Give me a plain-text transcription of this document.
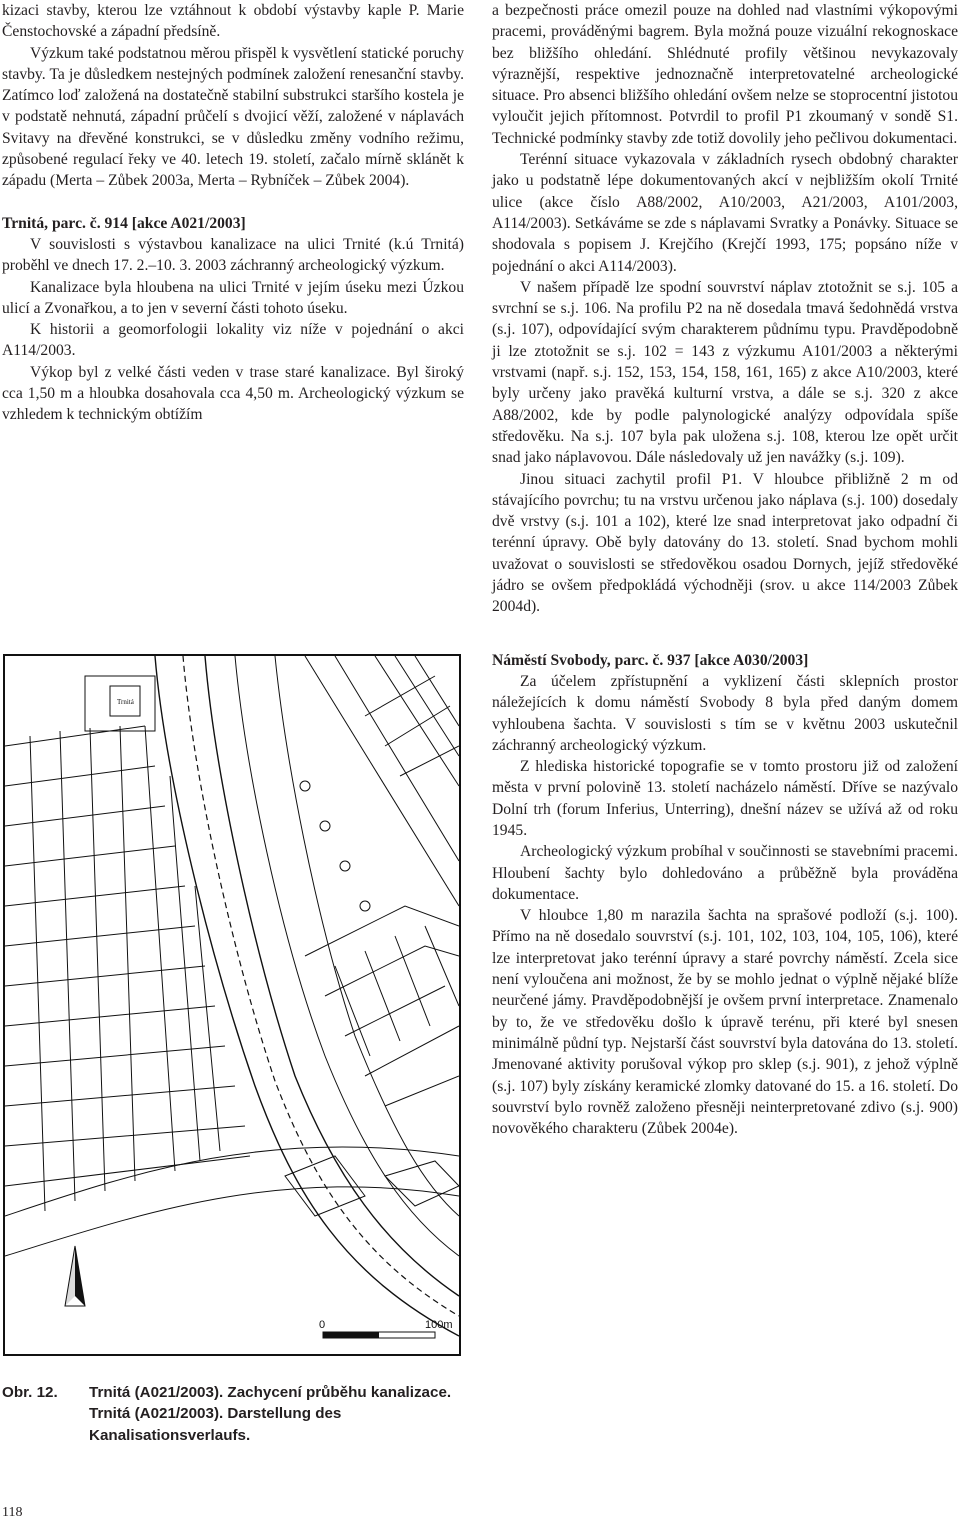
kizaci stavby, kterou lze vztáhnout k období výstavby kaple P. Marie Čenstochovské a západní předsíně.

Výzkum také podstatnou měrou přispěl k vysvětlení statické poruchy stavby. Ta je důsledkem nestejných podmínek založení renesanční stavby. Zatímco loď založená na dostatečně stabilní substrukci staršího kostela je v podstatě nehnutá, západní průčelí s dvojicí věží, založené v náplavách Svitavy na dřevěné konstrukci, se v důsledku změny vodního režimu, způsobené regulací řeky ve 40. letech 19. století, začalo mírně sklánět k západu (Merta – Zůbek 2003a, Merta – Rybníček – Zůbek 2004).

Trnitá, parc. č. 914 [akce A021/2003]

V souvislosti s výstavbou kanalizace na ulici Trnité (k.ú Trnitá) proběhl ve dnech 17. 2.–10. 3. 2003 záchranný archeologický výzkum.

Kanalizace byla hloubena na ulici Trnité v jejím úseku mezi Úzkou ulicí a Zvonařkou, a to jen v severní části tohoto úseku.

K historii a geomorfologii lokality viz níže v pojednání o akci A114/2003.

Výkop byl z velké části veden v trase staré kanalizace. Byl široký cca 1,50 m a hloubka dosahovala cca 4,50 m. Archeologický výzkum se vzhledem k technickým obtížím

0	100m
Trnitá
Obr. 12. Trnitá (A021/2003). Zachycení průběhu kanalizace.
Trnitá (A021/2003). Darstellung des Kanalisationsverlaufs.
118

a bezpečnosti práce omezil pouze na dohled nad vlastními výkopovými pracemi, prováděnými bagrem. Byla možná pouze vizuální rekognoskace bez bližšího ohledání. Shlédnuté profily většinou nevykazovaly výraznější, respektive jednoznačně interpretovatelné archeologické situace. Pro absenci bližšího ohledání ovšem nelze se stoprocentní jistotou vyloučit jejich přítomnost. Potvrdil to profil P1 zkoumaný v sondě S1. Technické podmínky stavby zde totiž dovolily jeho pečlivou dokumentaci.

Terénní situace vykazovala v základních rysech obdobný charakter jako u podstatně lépe dokumentovaných akcí v nejbližším okolí Trnité ulice (akce číslo A88/2002, A10/2003, A21/2003, A101/2003, A114/2003). Setkáváme se zde s náplavami Svratky a Ponávky. Situace se shodovala s popisem J. Krejčího (Krejčí 1993, 175; popsáno níže v pojednání o akci A114/2003).

V našem případě lze spodní souvrství náplav ztotožnit se s.j. 105 a svrchní se s.j. 106. Na profilu P2 na ně dosedala tmavá šedohnědá vrstva (s.j. 107), odpovídající svým charakterem půdnímu typu. Pravděpodobně ji lze ztotožnit se s.j. 102 = 143 z výzkumu A101/2003 a některými vrstvami (např. s.j. 152, 153, 154, 158, 161, 165) z akce A10/2003, které byly určeny jako pravěká kulturní vrstva, a dále se s.j. 320 z akce A88/2002, kde by podle palynologické analýzy odpovídala spíše středověku. Na s.j. 107 byla pak uložena s.j. 108, kterou lze opět určit snad jako náplavovou. Dále následovaly už jen navážky (s.j. 109).

Jinou situaci zachytil profil P1. V hloubce přibližně 2 m od stávajícího povrchu; tu na vrstvu určenou jako náplava (s.j. 100) dosedaly dvě vrstvy (s.j. 101 a 102), které lze snad interpretovat jako odpadní či terénní úpravy. Obě byly datovány do 13. století. Snad bychom mohli uvažovat o souvislosti se středověkou osadou Dornych, jejíž středověké jádro se ovšem předpokládá východněji (srov. u akce 114/2003 Zůbek 2004d).

Náměstí Svobody, parc. č. 937 [akce A030/2003]

Za účelem zpřístupnění a vyklizení části sklepních prostor náležejících k domu náměstí Svobody 8 byla před daným domem vyhloubena šachta. V souvislosti s tím se v květnu 2003 uskutečnil záchranný archeologický výzkum.

Z hlediska historické topografie se v tomto prostoru již od založení města v první polovině 13. století nacházelo náměstí. Dříve se nazývalo Dolní trh (forum Inferius, Unterring), dnešní název se užívá až od roku 1945.

Archeologický výzkum probíhal v součinnosti se stavebními pracemi. Hloubení šachty bylo dohledováno a průběžně byla prováděna dokumentace.

V hloubce 1,80 m narazila šachta na sprašové podloží (s.j. 100). Přímo na ně dosedalo souvrství (s.j. 101, 102, 103, 104, 105, 106), které lze interpretovat jako terénní úpravy a staré povrchy náměstí. Zcela sice není vyloučena ani možnost, že by se mohlo jednat o výplně nějaké blíže neurčené jámy. Pravděpodobnější je ovšem první interpretace. Znamenalo by to, že ve středověku došlo k úpravě terénu, při které byl snesen minimálně půdní typ. Nejstarší část souvrství byla datována do 13. století. Jmenované aktivity porušoval výkop pro sklep (s.j. 901), z jehož výplně (s.j. 107) byly získány keramické zlomky datované do 15. a 16. století. Do souvrství bylo rovněž založeno přesněji neinterpretované zdivo (s.j. 900) novověkého charakteru (Zůbek 2004e).
